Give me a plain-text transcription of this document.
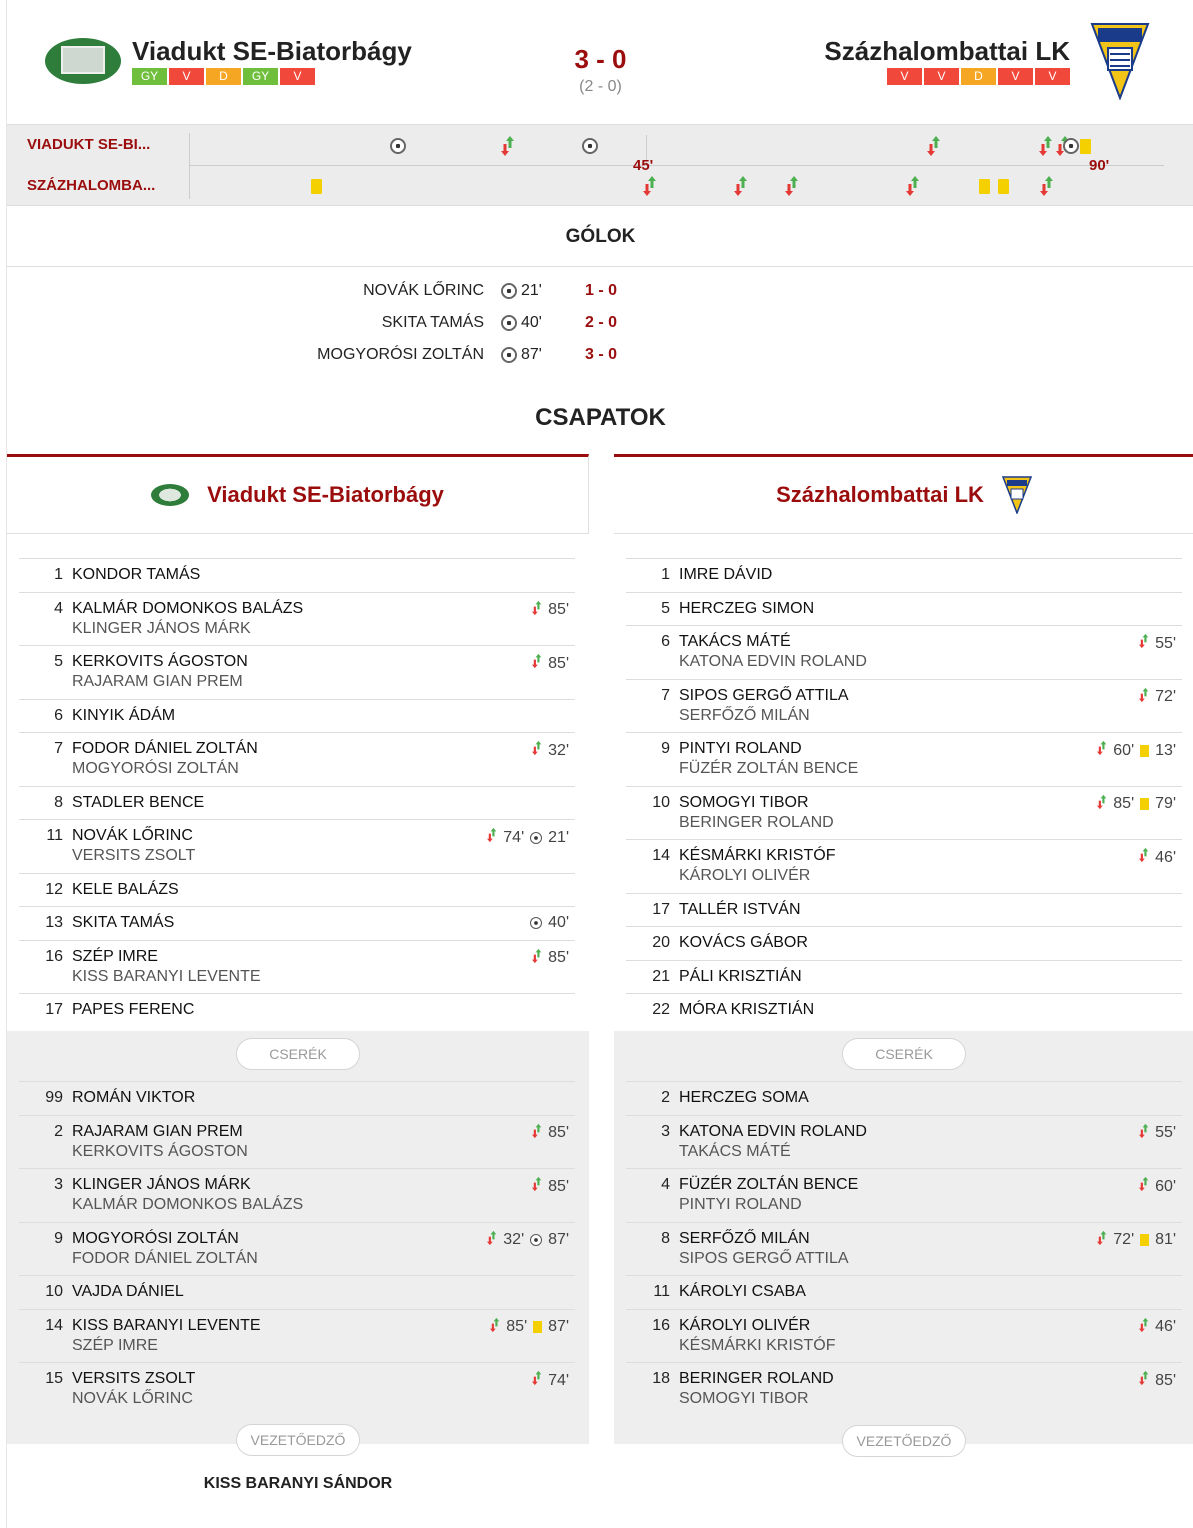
Viadukt SE-Biatorbágy
GY	V	D	GY	V
3 - 0
(2 - 0)
Százhalombattai LK
V	V	D	V	V
VIADUKT SE-BI...
SZÁZHALOMBA...
45'	90'
GÓLOK
NOVÁK LŐRINC 21'	1 - 0
SKITA TAMÁS 40'	2 - 0
MOGYORÓSI ZOLTÁN 87'	3 - 0
CSAPATOK
Viadukt SE-Biatorbágy
CSERÉK
1 KONDOR TAMÁS
4 KALMÁR DOMONKOS BALÁZS
KLINGER JÁNOS MÁRK
85'
5 KERKOVITS ÁGOSTON
RAJARAM GIAN PREM
85'
6 KINYIK ÁDÁM
7 FODOR DÁNIEL ZOLTÁN
MOGYORÓSI ZOLTÁN
32'
8 STADLER BENCE
11 NOVÁK LŐRINC
VERSITS ZSOLT
74' 21'
12 KELE BALÁZS
13 SKITA TAMÁS	40'
16 SZÉP IMRE
KISS BARANYI LEVENTE
85'
17 PAPES FERENC
99 ROMÁN VIKTOR
2 RAJARAM GIAN PREM
KERKOVITS ÁGOSTON
85'
3 KLINGER JÁNOS MÁRK
KALMÁR DOMONKOS BALÁZS
85'
9 MOGYORÓSI ZOLTÁN
FODOR DÁNIEL ZOLTÁN
32' 87'
10 VAJDA DÁNIEL
14 KISS BARANYI LEVENTE
SZÉP IMRE
85' 87'
15 VERSITS ZSOLT
NOVÁK LŐRINC
74'
Százhalombattai LK
CSERÉK
1 IMRE DÁVID
5 HERCZEG SIMON
6 TAKÁCS MÁTÉ
KATONA EDVIN ROLAND
55'
7 SIPOS GERGŐ ATTILA
SERFŐZŐ MILÁN
72'
9 PINTYI ROLAND
FÜZÉR ZOLTÁN BENCE
60' 13'
10 SOMOGYI TIBOR
BERINGER ROLAND
85' 79'
14 KÉSMÁRKI KRISTÓF
KÁROLYI OLIVÉR
46'
17 TALLÉR ISTVÁN
20 KOVÁCS GÁBOR
21 PÁLI KRISZTIÁN
22 MÓRA KRISZTIÁN
2 HERCZEG SOMA
3 KATONA EDVIN ROLAND
TAKÁCS MÁTÉ
55'
4 FÜZÉR ZOLTÁN BENCE
PINTYI ROLAND
60'
8 SERFŐZŐ MILÁN
SIPOS GERGŐ ATTILA
72' 81'
11 KÁROLYI CSABA
16 KÁROLYI OLIVÉR
KÉSMÁRKI KRISTÓF
46'
18 BERINGER ROLAND
SOMOGYI TIBOR
85'
VEZETŐEDZŐ
VEZETŐEDZŐ
KISS BARANYI SÁNDOR
